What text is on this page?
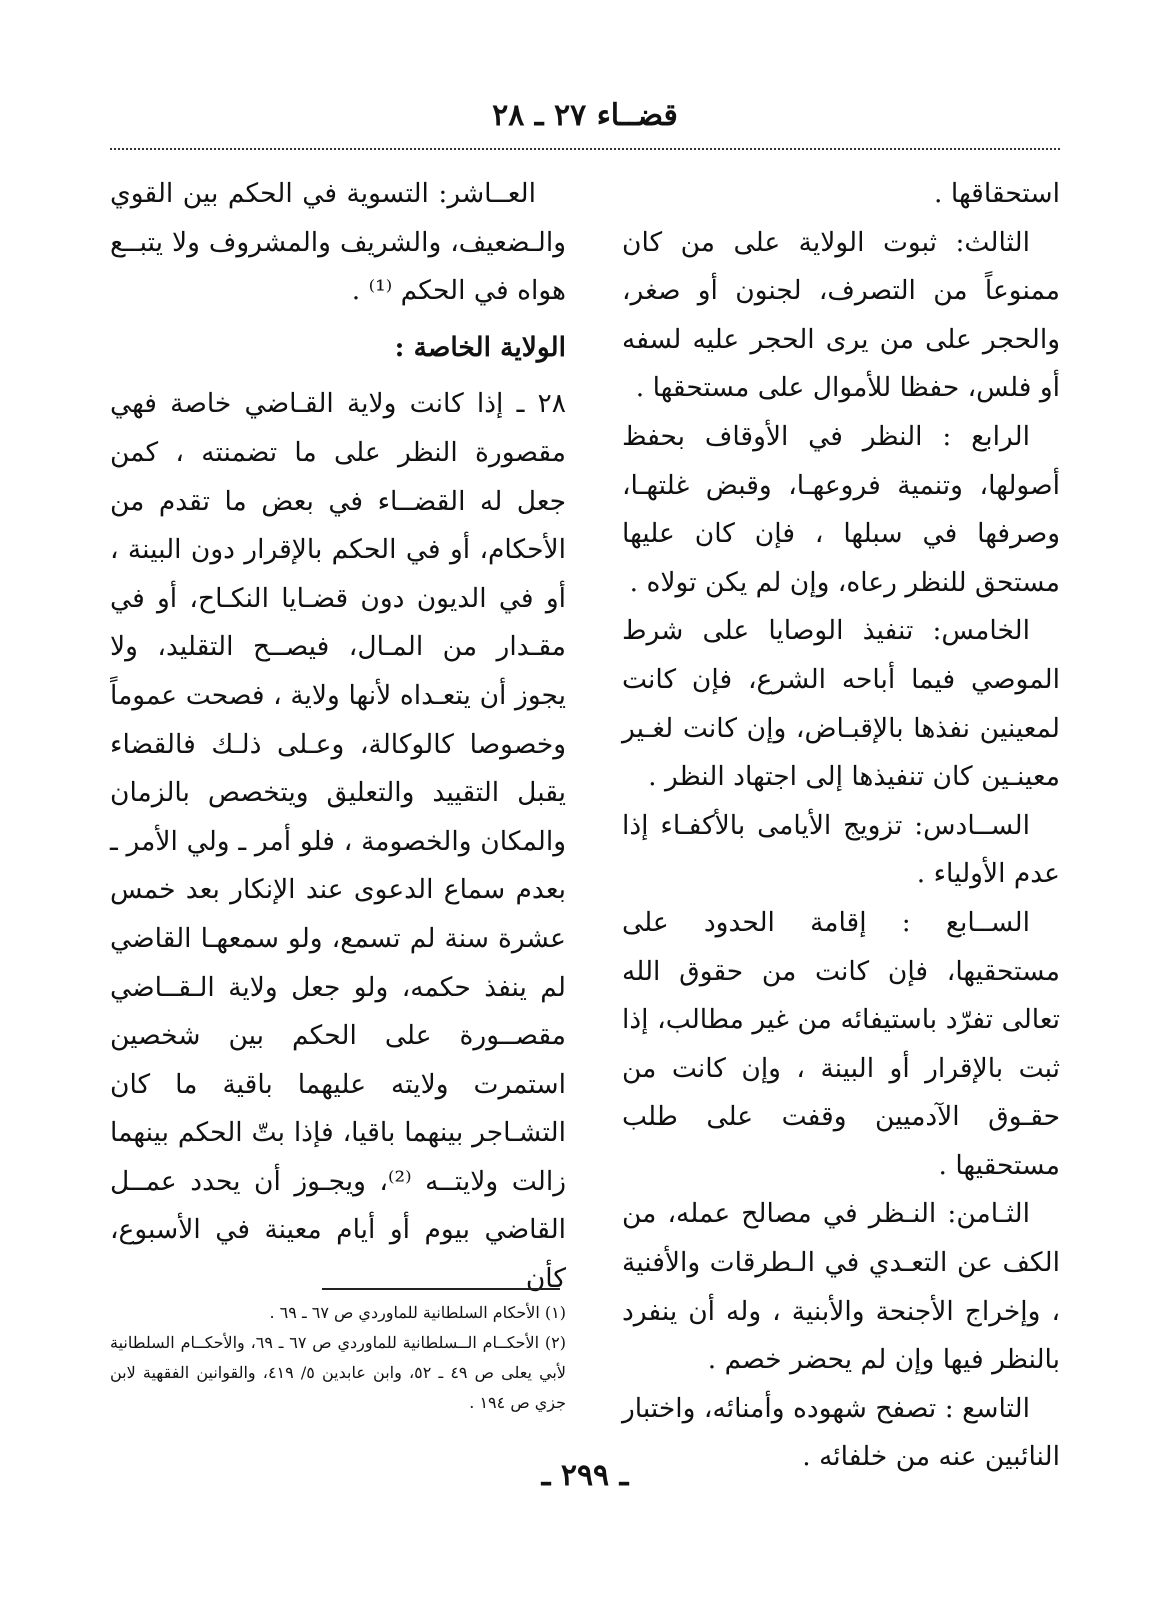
قضــاء ٢٧ ـ ٢٨

استحقاقها .

الثالث: ثبوت الولاية على من كان ممنوعاً من التصرف، لجنون أو صغر، والحجر على من يرى الحجر عليه لسفه أو فلس، حفظا للأموال على مستحقها .

الرابع : النظر في الأوقاف بحفظ أصولها، وتنمية فروعهـا، وقبض غلتهـا، وصرفها في سبلها ، فإن كان عليها مستحق للنظر رعاه، وإن لم يكن تولاه .

الخامس: تنفيذ الوصايا على شرط الموصي فيما أباحه الشرع، فإن كانت لمعينين نفذها بالإقبـاض، وإن كانت لغـير معينـين كان تنفيذها إلى اجتهاد النظر .

الســادس: تزويج الأيامى بالأكفـاء إذا عدم الأولياء .

الســابع : إقامة الحدود على مستحقيها، فإن كانت من حقوق الله تعالى تفرّد باستيفائه من غير مطالب، إذا ثبت بالإقرار أو البينة ، وإن كانت من حقـوق الآدميين وقفت على طلب مستحقيها .

الثـامن: النـظر في مصالح عمله، من الكف عن التعـدي في الـطرقات والأفنية ، وإخراج الأجنحة والأبنية ، وله أن ينفرد بالنظر فيها وإن لم يحضر خصم .

التاسع : تصفح شهوده وأمنائه، واختبار النائبين عنه من خلفائه .

العــاشر: التسوية في الحكم بين القوي والـضعيف، والشريف والمشروف ولا يتبــع هواه في الحكم ⁽¹⁾ .

الولاية الخاصة :

٢٨ ـ إذا كانت ولاية القـاضي خاصة فهي مقصورة النظر على ما تضمنته ، كمن جعل له القضــاء في بعض ما تقدم من الأحكام، أو في الحكم بالإقرار دون البينة ، أو في الديون دون قضـايا النكـاح، أو في مقـدار من المـال، فيصــح التقليد، ولا يجوز أن يتعـداه لأنها ولاية ، فصحت عموماً وخصوصا كالوكالة، وعـلى ذلـك فالقضاء يقبل التقييد والتعليق ويتخصص بالزمان والمكان والخصومة ، فلو أمر ـ ولي الأمر ـ بعدم سماع الدعوى عند الإنكار بعد خمس عشرة سنة لم تسمع، ولو سمعهـا القاضي لم ينفذ حكمه، ولو جعل ولاية الـقــاضي مقصــورة على الحكم بين شخصين استمرت ولايته عليهما باقية ما كان التشـاجر بينهما باقيا، فإذا بتّ الحكم بينهما زالت ولايتــه ⁽²⁾، ويجـوز أن يحدد عمــل القاضي بيوم أو أيام معينة في الأسبوع، كأن

(١) الأحكام السلطانية للماوردي ص ٦٧ ـ ٦٩ .

(٢) الأحكــام الــسلطانية للماوردي ص ٦٧ ـ ٦٩، والأحكــام السلطانية لأبي يعلى ص ٤٩ ـ ٥٢، وابن عابدين ٥/ ٤١٩، والقوانين الفقهية لابن جزي ص ١٩٤ .

ـ ٢٩٩ ـ
